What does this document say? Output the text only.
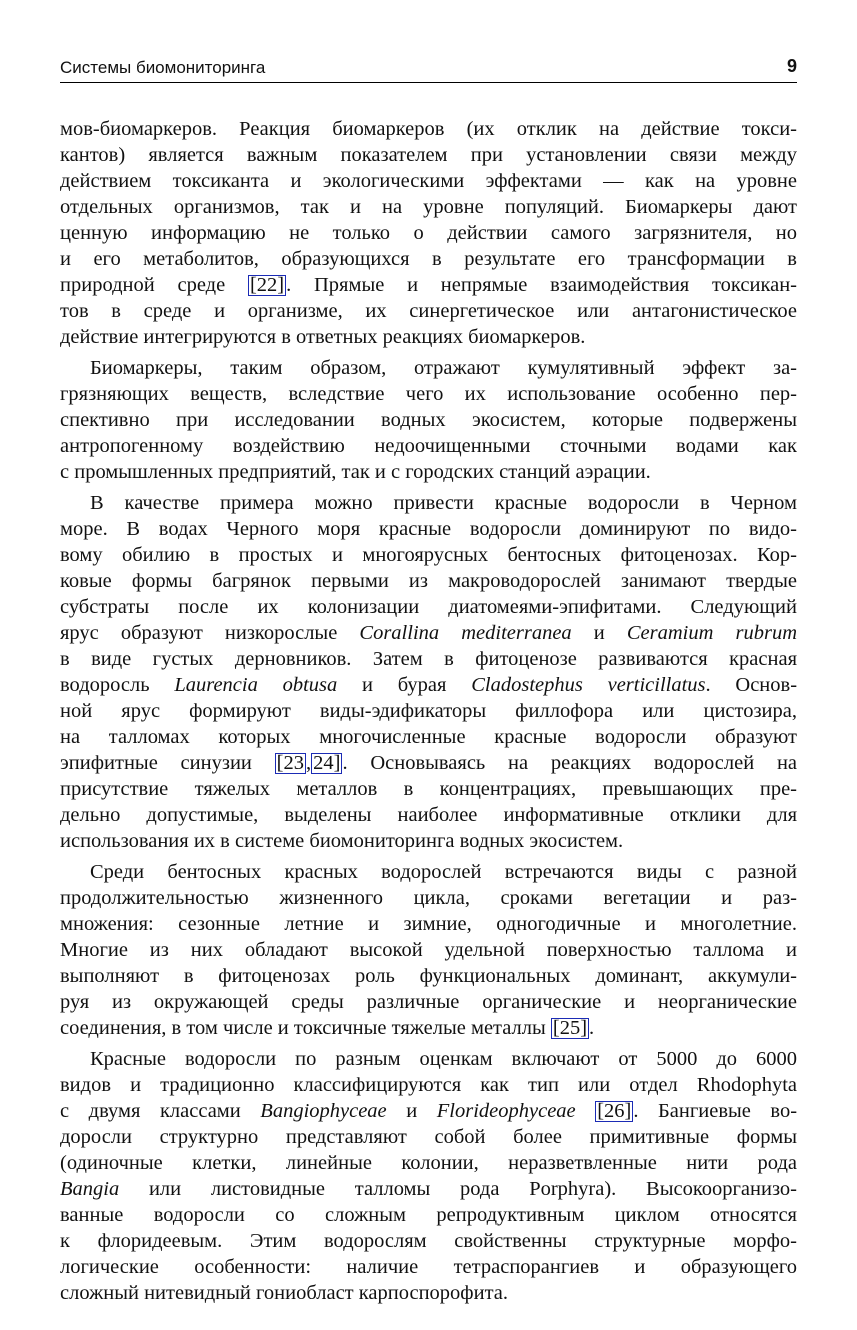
Системы биомониторинга	9
мов-биомаркеров. Реакция биомаркеров (их отклик на действие токси-
кантов) является важным показателем при установлении связи между
действием токсиканта и экологическими эффектами — как на уровне
отдельных организмов, так и на уровне популяций. Биомаркеры дают
ценную информацию не только о действии самого загрязнителя, но
и его метаболитов, образующихся в результате его трансформации в
природной среде [22]. Прямые и непрямые взаимодействия токсикан-
тов в среде и организме, их синергетическое или антагонистическое
действие интегрируются в ответных реакциях биомаркеров.
Биомаркеры, таким образом, отражают кумулятивный эффект за-
грязняющих веществ, вследствие чего их использование особенно пер-
спективно при исследовании водных экосистем, которые подвержены
антропогенному воздействию недоочищенными сточными водами как
с промышленных предприятий, так и с городских станций аэрации.
В качестве примера можно привести красные водоросли в Черном
море. В водах Черного моря красные водоросли доминируют по видо-
вому обилию в простых и многоярусных бентосных фитоценозах. Кор-
ковые формы багрянок первыми из макроводорослей занимают твердые
субстраты после их колонизации диатомеями-эпифитами. Следующий
ярус образуют низкорослые Corallina mediterranea и Ceramium rubrum
в виде густых дерновников. Затем в фитоценозе развиваются красная
водоросль Laurencia obtusa и бурая Cladostephus verticillatus. Основ-
ной ярус формируют виды-эдификаторы филлофора или цистозира,
на талломах которых многочисленные красные водоросли образуют
эпифитные синузии [23,24]. Основываясь на реакциях водорослей на
присутствие тяжелых металлов в концентрациях, превышающих пре-
дельно допустимые, выделены наиболее информативные отклики для
использования их в системе биомониторинга водных экосистем.
Среди бентосных красных водорослей встречаются виды с разной
продолжительностью жизненного цикла, сроками вегетации и раз-
множения: сезонные летние и зимние, одногодичные и многолетние.
Многие из них обладают высокой удельной поверхностью таллома и
выполняют в фитоценозах роль функциональных доминант, аккумули-
руя из окружающей среды различные органические и неорганические
соединения, в том числе и токсичные тяжелые металлы [25].
Красные водоросли по разным оценкам включают от 5000 до 6000
видов и традиционно классифицируются как тип или отдел Rhodophyta
с двумя классами Bangiophyceae и Florideophyceae [26]. Бангиевые во-
доросли структурно представляют собой более примитивные формы
(одиночные клетки, линейные колонии, неразветвленные нити рода
Bangia или листовидные талломы рода Porphyra). Высокоорганизо-
ванные водоросли со сложным репродуктивным циклом относятся
к флоридеевым. Этим водорослям свойственны структурные морфо-
логические особенности: наличие тетраспорангиев и образующего
сложный нитевидный гониобласт карпоспорофита.
